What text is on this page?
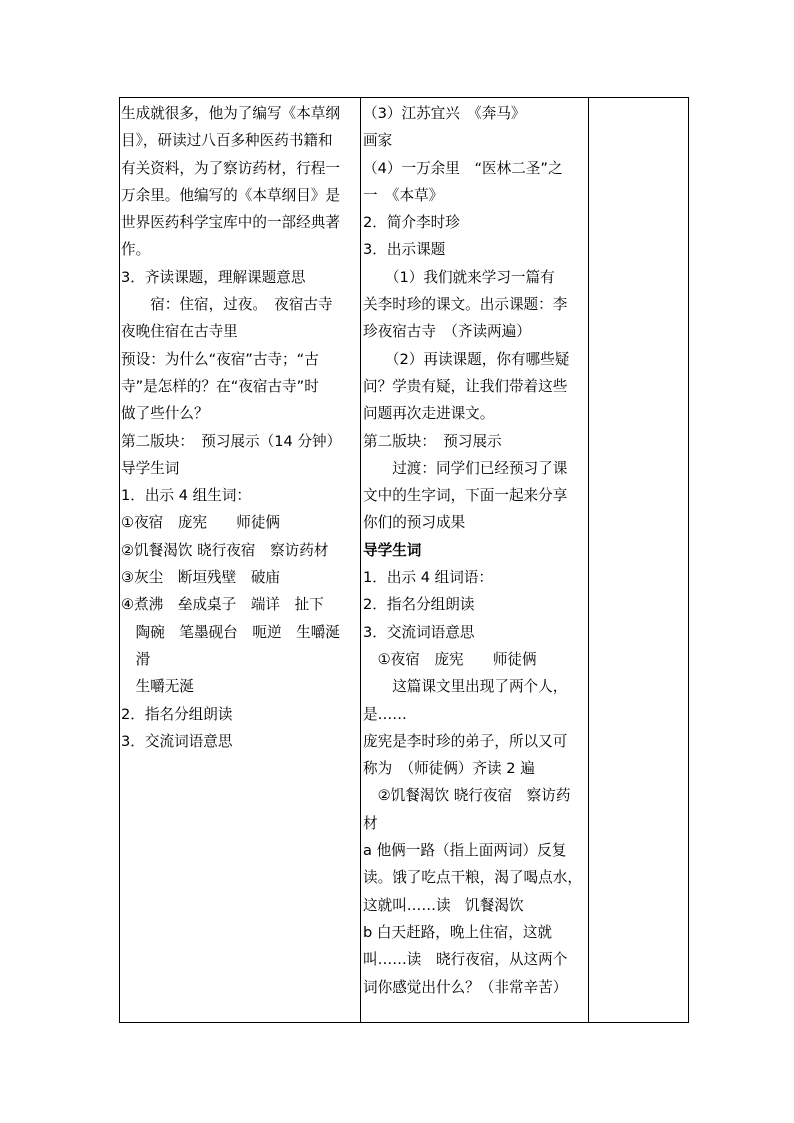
生成就很多，他为了编写《本草纲
目》，研读过八百多种医药书籍和
有关资料，为了察访药材，行程一
万余里。他编写的《本草纲目》是
世界医药科学宝库中的一部经典著
作。
3．齐读课题，理解课题意思
　　宿：住宿，过夜。　夜宿古寺
夜晚住宿在古寺里
预设：为什么“夜宿”古寺；“古
寺”是怎样的？在“夜宿古寺”时
做了些什么？
第二版块：　预习展示（14 分钟）
导学生词
1．出示 4 组生词：
①夜宿　庞宪　　师徒俩
②饥餐渴饮 晓行夜宿　察访药材
③灰尘　断垣残壁　破庙
④煮沸　垒成桌子　端详　扯下
　陶碗　笔墨砚台　呃逆　生嚼涎
　滑
　生嚼无涎
2．指名分组朗读
3．交流词语意思
（3）江苏宜兴　《奔马》
画家
（4）一万余里　“医林二圣”之
一　《本草》
2．简介李时珍
3．出示课题
　　（1）我们就来学习一篇有
关李时珍的课文。出示课题：李
珍夜宿古寺　（齐读两遍）
　　（2）再读课题，你有哪些疑
问？学贵有疑，让我们带着这些
问题再次走进课文。
第二版块：　预习展示
　　过渡：同学们已经预习了课
文中的生字词，下面一起来分享
你们的预习成果
导学生词
1．出示 4 组词语：
2．指名分组朗读
3．交流词语意思
　①夜宿　庞宪　　师徒俩
　　这篇课文里出现了两个人，
是……
庞宪是李时珍的弟子，所以又可
称为　（师徒俩）齐读 2 遍
　②饥餐渴饮 晓行夜宿　察访药
材
a 他俩一路（指上面两词）反复
读。饿了吃点干粮，渴了喝点水，
这就叫……读　饥餐渴饮
b 白天赶路，晚上住宿，这就
叫……读　晓行夜宿，从这两个
词你感觉出什么？（非常辛苦）
